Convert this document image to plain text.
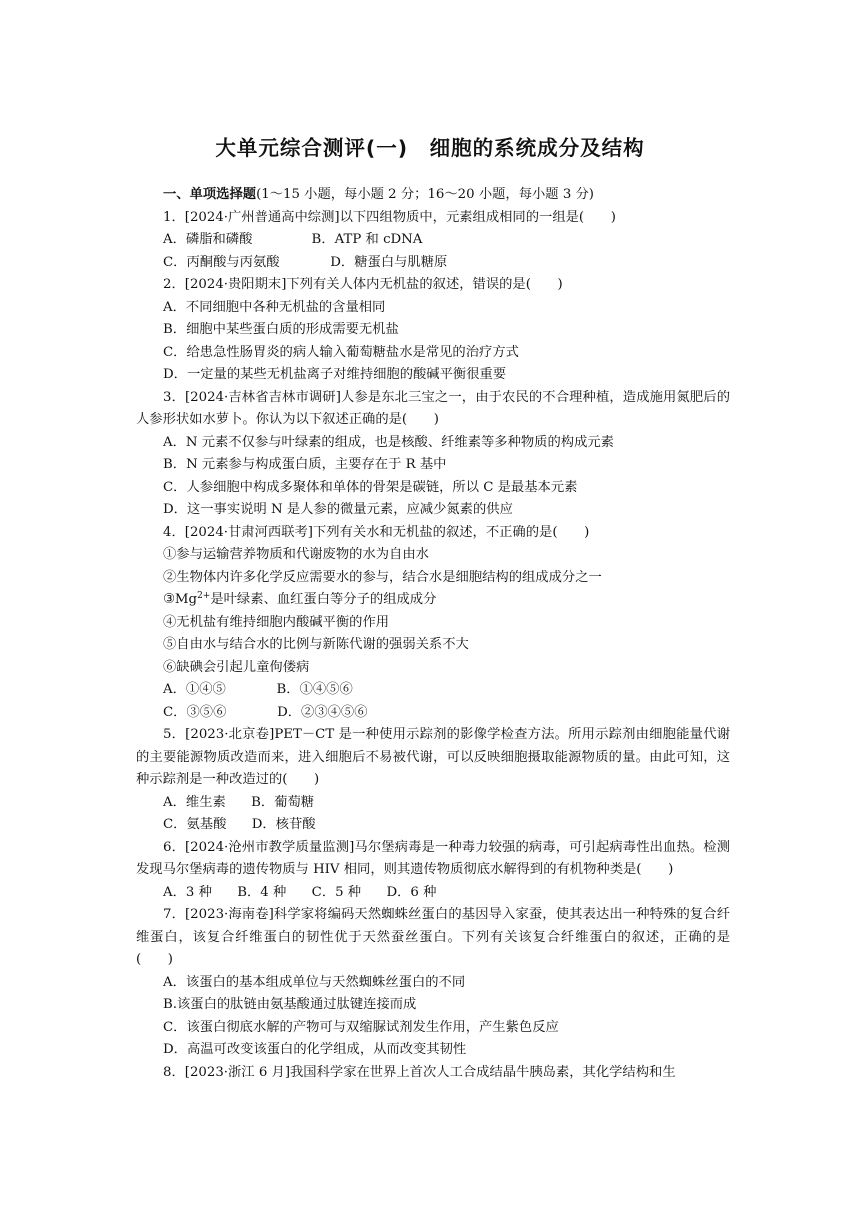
大单元综合测评(一)　细胞的系统成分及结构

一、单项选择题(1～15 小题，每小题 2 分；16～20 小题，每小题 3 分)

1．[2024·广州普通高中综测]以下四组物质中，元素组成相同的一组是(　　)

A．磷脂和磷酸              B．ATP 和 cDNA

C．丙酮酸与丙氨酸            D．糖蛋白与肌糖原

2．[2024·贵阳期末]下列有关人体内无机盐的叙述，错误的是(　　)

A．不同细胞中各种无机盐的含量相同

B．细胞中某些蛋白质的形成需要无机盐

C．给患急性肠胃炎的病人输入葡萄糖盐水是常见的治疗方式

D．一定量的某些无机盐离子对维持细胞的酸碱平衡很重要

3．[2024·吉林省吉林市调研]人参是东北三宝之一，由于农民的不合理种植，造成施用氮肥后的人参形状如水萝卜。你认为以下叙述正确的是(　　)

A．N 元素不仅参与叶绿素的组成，也是核酸、纤维素等多种物质的构成元素

B．N 元素参与构成蛋白质，主要存在于 R 基中

C．人参细胞中构成多聚体和单体的骨架是碳链，所以 C 是最基本元素

D．这一事实说明 N 是人参的微量元素，应减少氮素的供应

4．[2024·甘肃河西联考]下列有关水和无机盐的叙述，不正确的是(　　)

①参与运输营养物质和代谢废物的水为自由水

②生物体内许多化学反应需要水的参与，结合水是细胞结构的组成成分之一

$③Mg^{2+}$是叶绿素、血红蛋白等分子的组成成分

④无机盐有维持细胞内酸碱平衡的作用

⑤自由水与结合水的比例与新陈代谢的强弱关系不大

⑥缺碘会引起儿童佝偻病

A．①④⑤            B．①④⑤⑥

C．③⑤⑥            D．②③④⑤⑥

5．[2023·北京卷]PET－CT 是一种使用示踪剂的影像学检查方法。所用示踪剂由细胞能量代谢的主要能源物质改造而来，进入细胞后不易被代谢，可以反映细胞摄取能源物质的量。由此可知，这种示踪剂是一种改造过的(　　)

A．维生素      B．葡萄糖

C．氨基酸      D．核苷酸

6．[2024·沧州市教学质量监测]马尔堡病毒是一种毒力较强的病毒，可引起病毒性出血热。检测发现马尔堡病毒的遗传物质与 HIV 相同，则其遗传物质彻底水解得到的有机物种类是(　　)

A．3 种      B．4 种      C．5 种      D．6 种

7．[2023·海南卷]科学家将编码天然蜘蛛丝蛋白的基因导入家蚕，使其表达出一种特殊的复合纤维蛋白，该复合纤维蛋白的韧性优于天然蚕丝蛋白。下列有关该复合纤维蛋白的叙述，正确的是(　　)

A．该蛋白的基本组成单位与天然蜘蛛丝蛋白的不同

B.该蛋白的肽链由氨基酸通过肽键连接而成

C．该蛋白彻底水解的产物可与双缩脲试剂发生作用，产生紫色反应

D．高温可改变该蛋白的化学组成，从而改变其韧性

8．[2023·浙江 6 月]我国科学家在世界上首次人工合成结晶牛胰岛素，其化学结构和生
